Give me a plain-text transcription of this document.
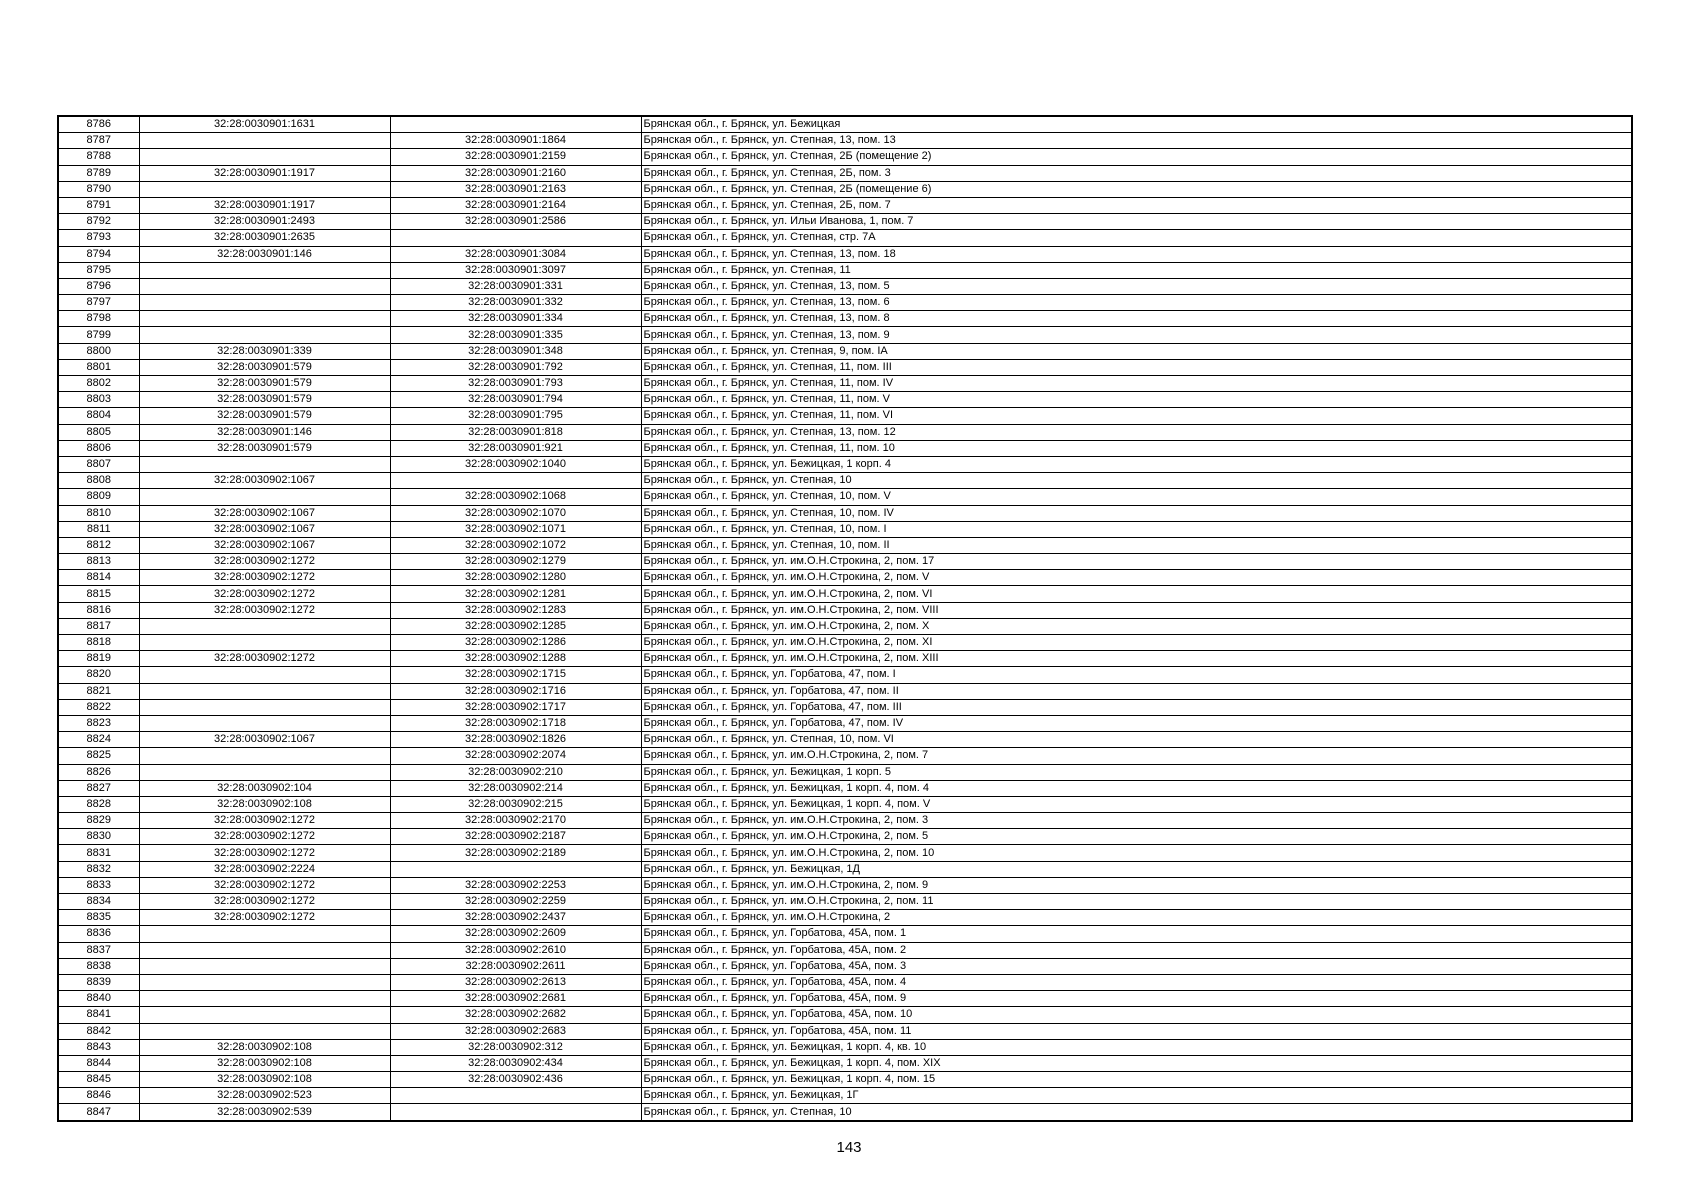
8786	32:28:0030901:1631		Брянская обл., г. Брянск, ул. Бежицкая
8787		32:28:0030901:1864	Брянская обл., г. Брянск, ул. Степная, 13, пом. 13
8788		32:28:0030901:2159	Брянская обл., г. Брянск, ул. Степная, 2Б (помещение 2)
8789	32:28:0030901:1917	32:28:0030901:2160	Брянская обл., г. Брянск, ул. Степная, 2Б, пом. 3
8790		32:28:0030901:2163	Брянская обл., г. Брянск, ул. Степная, 2Б (помещение 6)
8791	32:28:0030901:1917	32:28:0030901:2164	Брянская обл., г. Брянск, ул. Степная, 2Б, пом. 7
8792	32:28:0030901:2493	32:28:0030901:2586	Брянская обл., г. Брянск, ул. Ильи Иванова, 1, пом. 7
8793	32:28:0030901:2635		Брянская обл., г. Брянск, ул. Степная, стр. 7А
8794	32:28:0030901:146	32:28:0030901:3084	Брянская обл., г. Брянск, ул. Степная, 13, пом. 18
8795		32:28:0030901:3097	Брянская обл., г. Брянск, ул. Степная, 11
8796		32:28:0030901:331	Брянская обл., г. Брянск, ул. Степная, 13, пом. 5
8797		32:28:0030901:332	Брянская обл., г. Брянск, ул. Степная, 13, пом. 6
8798		32:28:0030901:334	Брянская обл., г. Брянск, ул. Степная, 13, пом. 8
8799		32:28:0030901:335	Брянская обл., г. Брянск, ул. Степная, 13, пом. 9
8800	32:28:0030901:339	32:28:0030901:348	Брянская обл., г. Брянск, ул. Степная, 9, пом. IA
8801	32:28:0030901:579	32:28:0030901:792	Брянская обл., г. Брянск, ул. Степная, 11, пом. III
8802	32:28:0030901:579	32:28:0030901:793	Брянская обл., г. Брянск, ул. Степная, 11, пом. IV
8803	32:28:0030901:579	32:28:0030901:794	Брянская обл., г. Брянск, ул. Степная, 11, пом. V
8804	32:28:0030901:579	32:28:0030901:795	Брянская обл., г. Брянск, ул. Степная, 11, пом. VI
8805	32:28:0030901:146	32:28:0030901:818	Брянская обл., г. Брянск, ул. Степная, 13, пом. 12
8806	32:28:0030901:579	32:28:0030901:921	Брянская обл., г. Брянск, ул. Степная, 11, пом. 10
8807		32:28:0030902:1040	Брянская обл., г. Брянск, ул. Бежицкая, 1 корп. 4
8808	32:28:0030902:1067		Брянская обл., г. Брянск, ул. Степная, 10
8809		32:28:0030902:1068	Брянская обл., г. Брянск, ул. Степная, 10, пом. V
8810	32:28:0030902:1067	32:28:0030902:1070	Брянская обл., г. Брянск, ул. Степная, 10, пом. IV
8811	32:28:0030902:1067	32:28:0030902:1071	Брянская обл., г. Брянск, ул. Степная, 10, пом. I
8812	32:28:0030902:1067	32:28:0030902:1072	Брянская обл., г. Брянск, ул. Степная, 10, пом. II
8813	32:28:0030902:1272	32:28:0030902:1279	Брянская обл., г. Брянск, ул. им.О.Н.Строкина, 2, пом. 17
8814	32:28:0030902:1272	32:28:0030902:1280	Брянская обл., г. Брянск, ул. им.О.Н.Строкина, 2, пом. V
8815	32:28:0030902:1272	32:28:0030902:1281	Брянская обл., г. Брянск, ул. им.О.Н.Строкина, 2, пом. VI
8816	32:28:0030902:1272	32:28:0030902:1283	Брянская обл., г. Брянск, ул. им.О.Н.Строкина, 2, пом. VIII
8817		32:28:0030902:1285	Брянская обл., г. Брянск, ул. им.О.Н.Строкина, 2, пом. X
8818		32:28:0030902:1286	Брянская обл., г. Брянск, ул. им.О.Н.Строкина, 2, пом. XI
8819	32:28:0030902:1272	32:28:0030902:1288	Брянская обл., г. Брянск, ул. им.О.Н.Строкина, 2, пом. XIII
8820		32:28:0030902:1715	Брянская обл., г. Брянск, ул. Горбатова, 47, пом. I
8821		32:28:0030902:1716	Брянская обл., г. Брянск, ул. Горбатова, 47, пом. II
8822		32:28:0030902:1717	Брянская обл., г. Брянск, ул. Горбатова, 47, пом. III
8823		32:28:0030902:1718	Брянская обл., г. Брянск, ул. Горбатова, 47, пом. IV
8824	32:28:0030902:1067	32:28:0030902:1826	Брянская обл., г. Брянск, ул. Степная, 10, пом. VI
8825		32:28:0030902:2074	Брянская обл., г. Брянск, ул. им.О.Н.Строкина, 2, пом. 7
8826		32:28:0030902:210	Брянская обл., г. Брянск, ул. Бежицкая, 1 корп. 5
8827	32:28:0030902:104	32:28:0030902:214	Брянская обл., г. Брянск, ул. Бежицкая, 1 корп. 4, пом. 4
8828	32:28:0030902:108	32:28:0030902:215	Брянская обл., г. Брянск, ул. Бежицкая, 1 корп. 4, пом. V
8829	32:28:0030902:1272	32:28:0030902:2170	Брянская обл., г. Брянск, ул. им.О.Н.Строкина, 2, пом. 3
8830	32:28:0030902:1272	32:28:0030902:2187	Брянская обл., г. Брянск, ул. им.О.Н.Строкина, 2, пом. 5
8831	32:28:0030902:1272	32:28:0030902:2189	Брянская обл., г. Брянск, ул. им.О.Н.Строкина, 2, пом. 10
8832	32:28:0030902:2224		Брянская обл., г. Брянск, ул. Бежицкая, 1Д
8833	32:28:0030902:1272	32:28:0030902:2253	Брянская обл., г. Брянск, ул. им.О.Н.Строкина, 2, пом. 9
8834	32:28:0030902:1272	32:28:0030902:2259	Брянская обл., г. Брянск, ул. им.О.Н.Строкина, 2, пом. 11
8835	32:28:0030902:1272	32:28:0030902:2437	Брянская обл., г. Брянск, ул. им.О.Н.Строкина, 2
8836		32:28:0030902:2609	Брянская обл., г. Брянск, ул. Горбатова, 45А, пом. 1
8837		32:28:0030902:2610	Брянская обл., г. Брянск, ул. Горбатова, 45А, пом. 2
8838		32:28:0030902:2611	Брянская обл., г. Брянск, ул. Горбатова, 45А, пом. 3
8839		32:28:0030902:2613	Брянская обл., г. Брянск, ул. Горбатова, 45А, пом. 4
8840		32:28:0030902:2681	Брянская обл., г. Брянск, ул. Горбатова, 45А, пом. 9
8841		32:28:0030902:2682	Брянская обл., г. Брянск, ул. Горбатова, 45А, пом. 10
8842		32:28:0030902:2683	Брянская обл., г. Брянск, ул. Горбатова, 45А, пом. 11
8843	32:28:0030902:108	32:28:0030902:312	Брянская обл., г. Брянск, ул. Бежицкая, 1 корп. 4, кв. 10
8844	32:28:0030902:108	32:28:0030902:434	Брянская обл., г. Брянск, ул. Бежицкая, 1 корп. 4, пом. XIX
8845	32:28:0030902:108	32:28:0030902:436	Брянская обл., г. Брянск, ул. Бежицкая, 1 корп. 4, пом. 15
8846	32:28:0030902:523		Брянская обл., г. Брянск, ул. Бежицкая, 1Г
8847	32:28:0030902:539		Брянская обл., г. Брянск, ул. Степная, 10
143
